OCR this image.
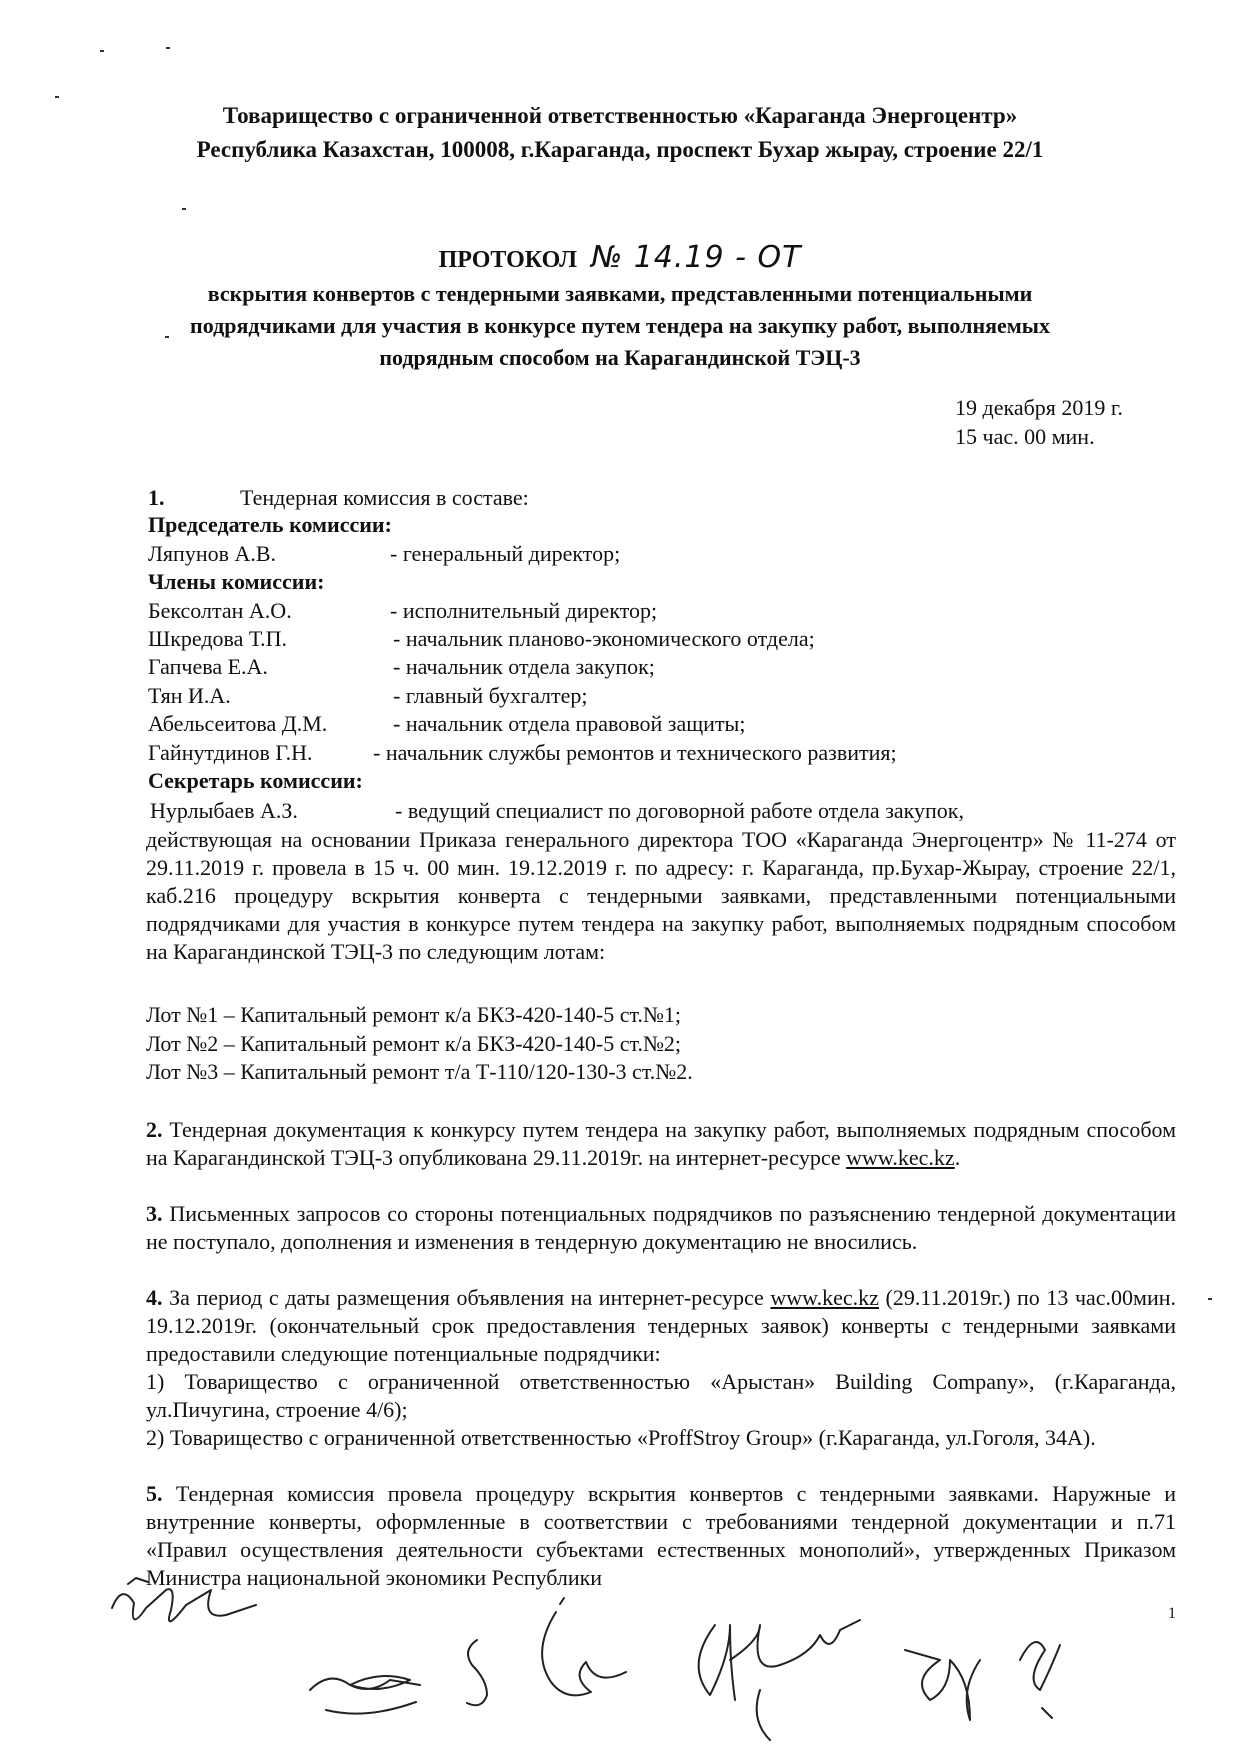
Товарищество с ограниченной ответственностью «Караганда Энергоцентр»
Республика Казахстан, 100008, г.Караганда, проспект Бухар жырау, строение 22/1
ПРОТОКОЛ № 14.19 - ОТ
вскрытия конвертов с тендерными заявками, представленными потенциальными подрядчиками для участия в конкурсе путем тендера на закупку работ, выполняемых подрядным способом на Карагандинской ТЭЦ-3
19 декабря 2019 г.
15 час. 00 мин.
1.	Тендерная комиссия в составе:
Председатель комиссии:
Ляпунов А.В.	- генеральный директор;
Члены комиссии:
Бексолтан А.О.	- исполнительный директор;
Шкредова Т.П.	- начальник планово-экономического отдела;
Гапчева Е.А.	- начальник отдела закупок;
Тян И.А.	- главный бухгалтер;
Абельсеитова Д.М.	- начальник отдела правовой защиты;
Гайнутдинов Г.Н.	- начальник службы ремонтов и технического развития;
Секретарь комиссии:
Нурлыбаев А.З.	- ведущий специалист по договорной работе отдела закупок,
действующая на основании Приказа генерального директора ТОО «Караганда Энергоцентр» № 11-274 от 29.11.2019 г. провела в 15 ч. 00 мин. 19.12.2019 г. по адресу: г. Караганда, пр.Бухар-Жырау, строение 22/1, каб.216 процедуру вскрытия конверта с тендерными заявками, представленными потенциальными подрядчиками для участия в конкурсе путем тендера на закупку работ, выполняемых подрядным способом на Карагандинской ТЭЦ-3 по следующим лотам:
Лот №1 – Капитальный ремонт к/а БКЗ-420-140-5 ст.№1;
Лот №2 – Капитальный ремонт к/а БКЗ-420-140-5 ст.№2;
Лот №3 – Капитальный ремонт т/а Т-110/120-130-3 ст.№2.
2. Тендерная документация к конкурсу путем тендера на закупку работ, выполняемых подрядным способом на Карагандинской ТЭЦ-3 опубликована 29.11.2019г. на интернет-ресурсе www.kec.kz.
3. Письменных запросов со стороны потенциальных подрядчиков по разъяснению тендерной документации не поступало, дополнения и изменения в тендерную документацию не вносились.
4. За период с даты размещения объявления на интернет-ресурсе www.kec.kz (29.11.2019г.) по 13 час.00мин. 19.12.2019г. (окончательный срок предоставления тендерных заявок) конверты с тендерными заявками предоставили следующие потенциальные подрядчики:
1) Товарищество с ограниченной ответственностью «Арыстан» Building Company», (г.Караганда, ул.Пичугина, строение 4/6);
2) Товарищество с ограниченной ответственностью «ProffStroy Group» (г.Караганда, ул.Гоголя, 34А).
5. Тендерная комиссия провела процедуру вскрытия конвертов с тендерными заявками. Наружные и внутренние конверты, оформленные в соответствии с требованиями тендерной документации и п.71 «Правил осуществления деятельности субъектами естественных монополий», утвержденных Приказом Министра национальной экономики Республики
1
